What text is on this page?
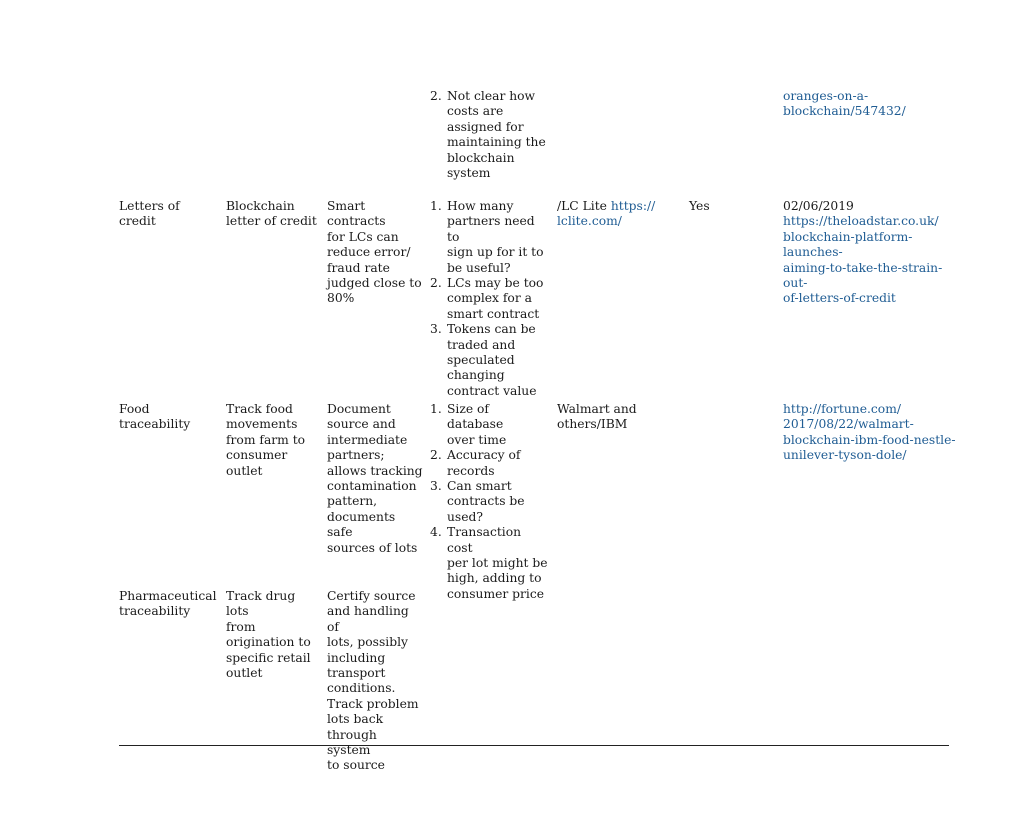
2. Not clear how
costs are
assigned for
maintaining the
blockchain
system
oranges-on-a-
blockchain/547432/
Letters of credit
Blockchain
letter of credit
Smart contracts
for LCs can
reduce error/
fraud rate
judged close to
80%
1. How many
partners need to
sign up for it to
be useful?
2. LCs may be too
complex for a
smart contract
3. Tokens can be
traded and
speculated
changing
contract value
/LC Lite https://
lclite.com/
Yes	02/06/2019
https://theloadstar.co.uk/
blockchain-platform-launches-
aiming-to-take-the-strain-out-
of-letters-of-credit
Food
traceability
Track food
movements
from farm to
consumer
outlet
Document
source and
intermediate
partners;
allows tracking
contamination
pattern,
documents safe
sources of lots
1. Size of database
over time
2. Accuracy of
records
3. Can smart
contracts be
used?
4. Transaction cost
per lot might be
high, adding to
consumer price
Walmart and
others/IBM
http://fortune.com/
2017/08/22/walmart-
blockchain-ibm-food-nestle-
unilever-tyson-dole/
Pharmaceutical
traceability
Track drug lots
from
origination to
specific retail
outlet
Certify source
and handling of
lots, possibly
including
transport
conditions.
Track problem
lots back
through system
to source
